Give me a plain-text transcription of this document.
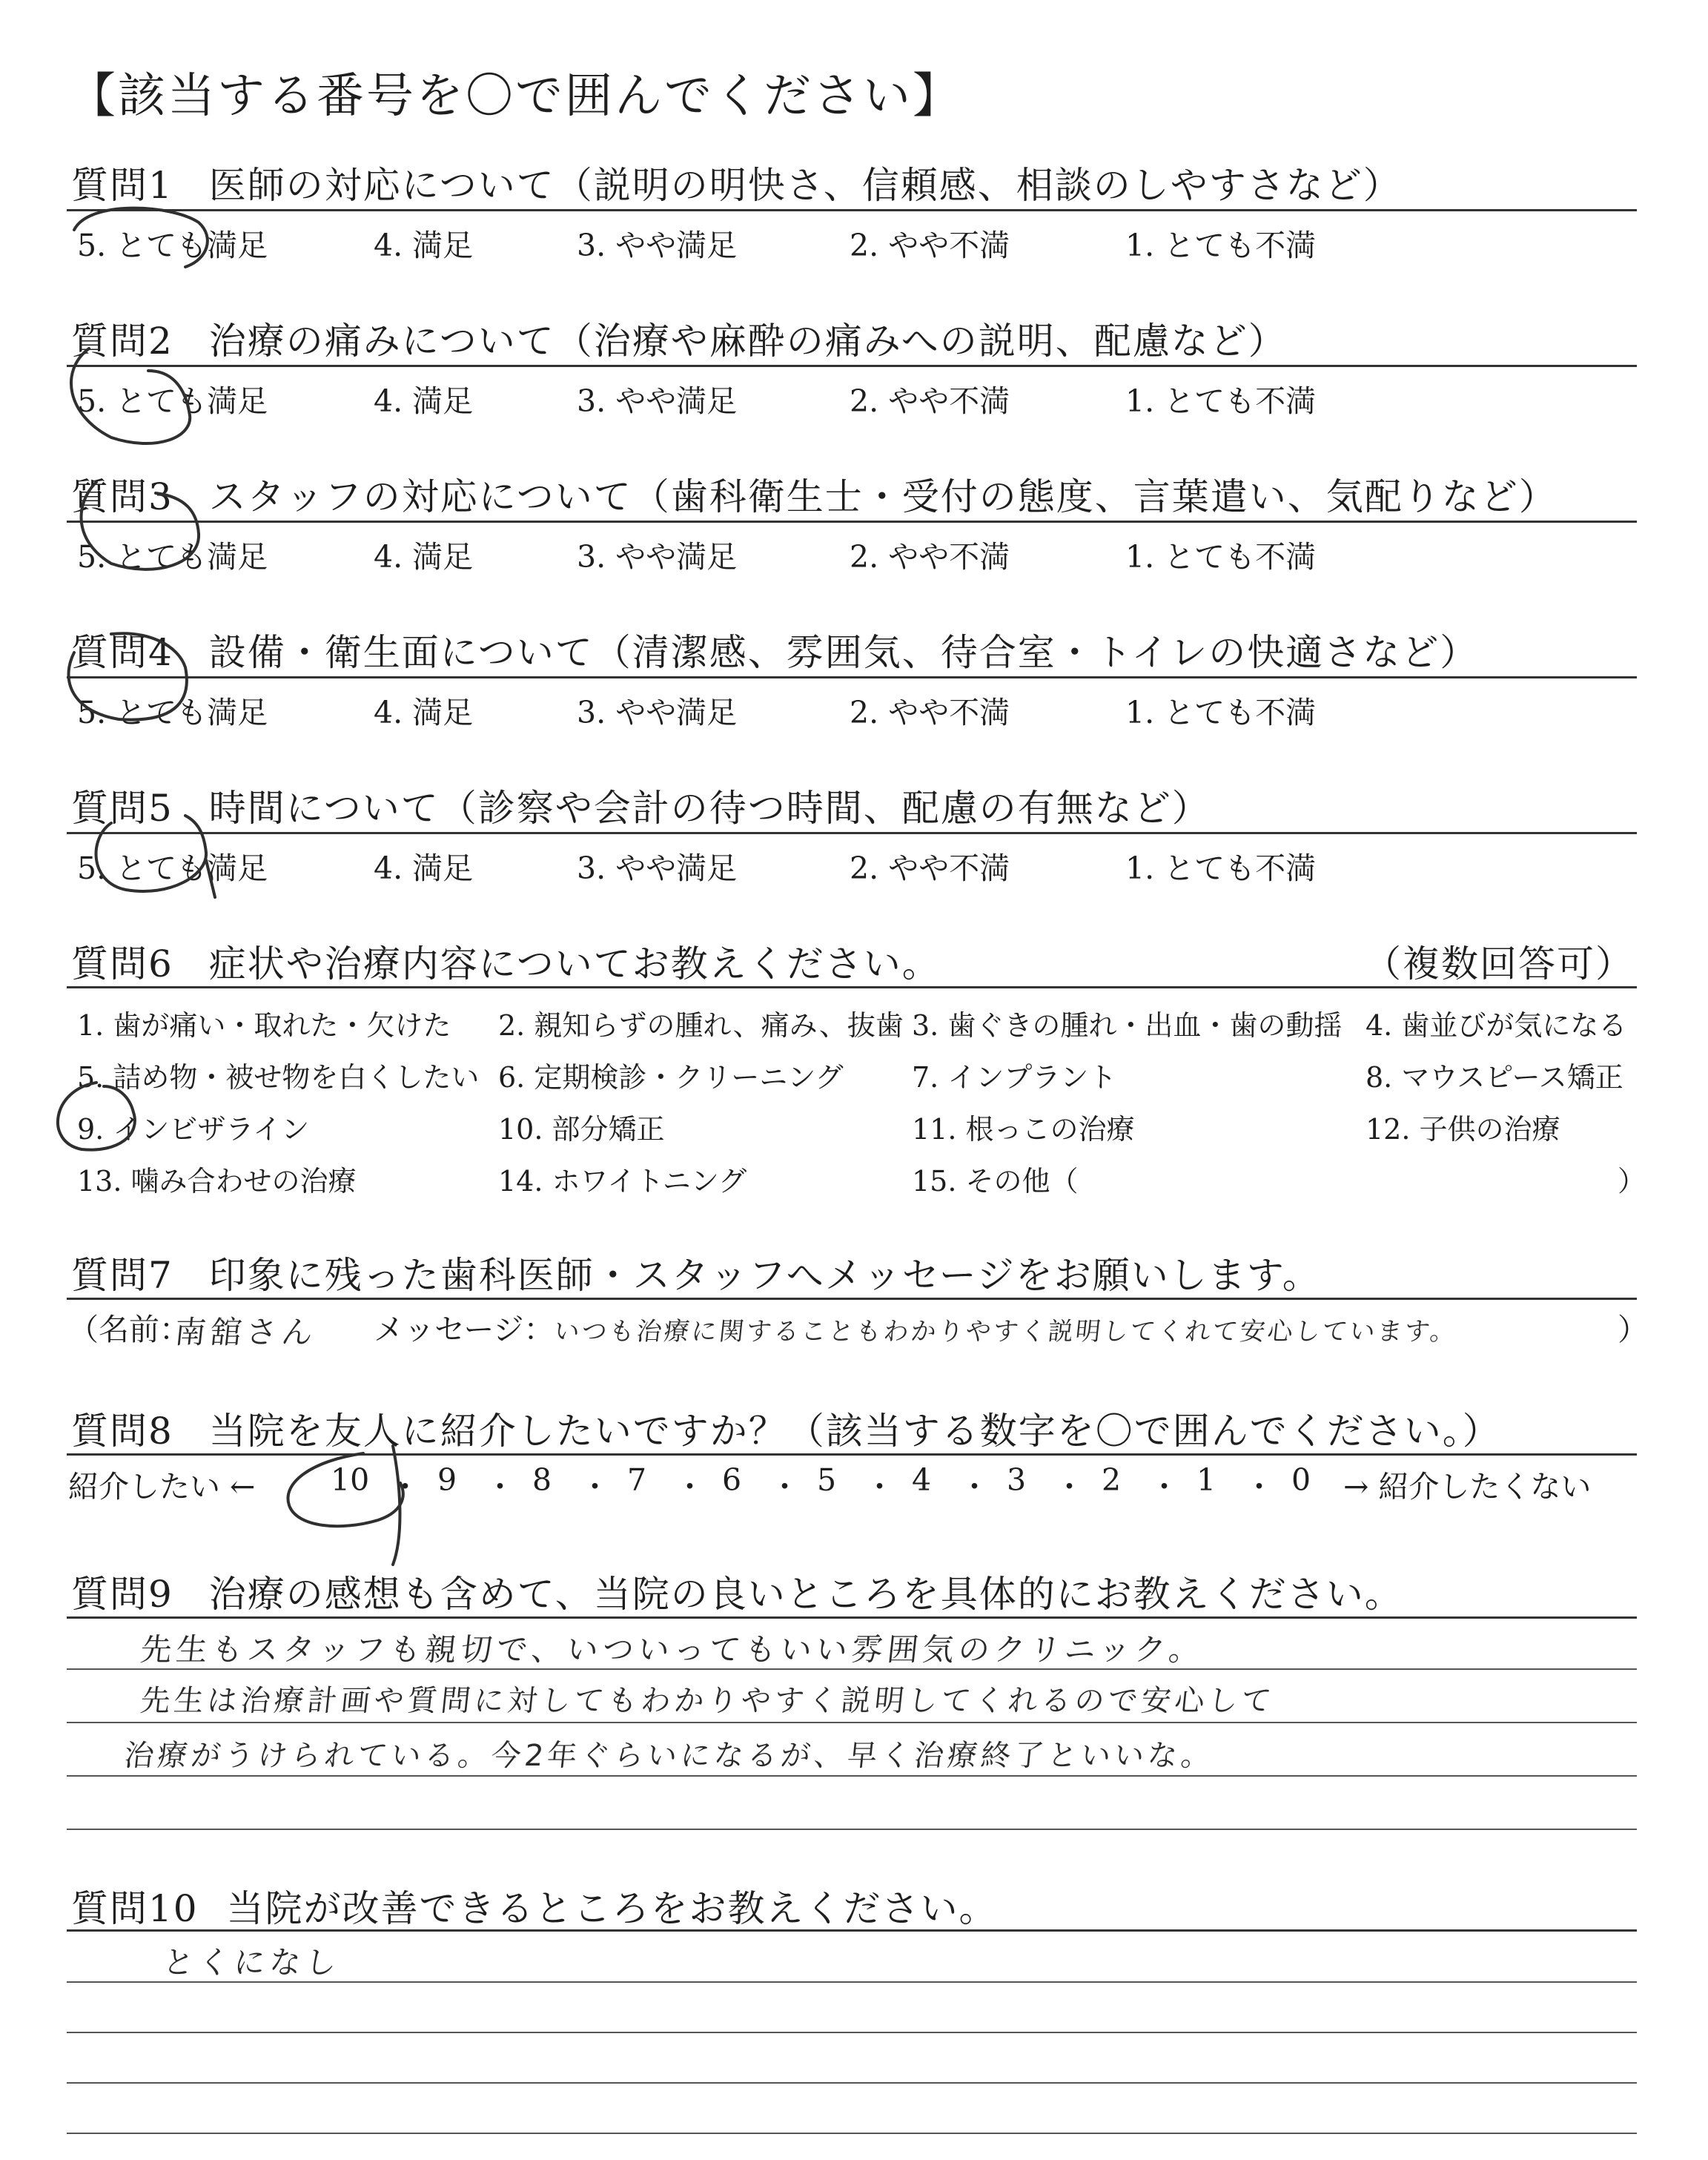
【該当する番号を〇で囲んでください】
質問1 医師の対応について（説明の明快さ、信頼感、相談のしやすさなど）
5. とても満足	4. 満足	3. やや満足	2. やや不満	1. とても不満
質問2 治療の痛みについて（治療や麻酔の痛みへの説明、配慮など）
5. とても満足	4. 満足	3. やや満足	2. やや不満	1. とても不満
質問3 スタッフの対応について（歯科衛生士・受付の態度、言葉遣い、気配りなど）
5. とても満足	4. 満足	3. やや満足	2. やや不満	1. とても不満
質問4 設備・衛生面について（清潔感、雰囲気、待合室・トイレの快適さなど）
5. とても満足	4. 満足	3. やや満足	2. やや不満	1. とても不満
質問5 時間について（診察や会計の待つ時間、配慮の有無など）
5. とても満足	4. 満足	3. やや満足	2. やや不満	1. とても不満
質問6 症状や治療内容についてお教えください。	（複数回答可）
1. 歯が痛い・取れた・欠けた 2. 親知らずの腫れ、痛み、抜歯 3. 歯ぐきの腫れ・出血・歯の動揺 4. 歯並びが気になる
5. 詰め物・被せ物を白くしたい 6. 定期検診・クリーニング 7. インプラント	8. マウスピース矯正
9. インビザライン	10. 部分矯正	11. 根っこの治療	12. 子供の治療
13. 噛み合わせの治療	14. ホワイトニング	15. その他（	）
質問7 印象に残った歯科医師・スタッフへメッセージをお願いします。
（名前：
南舘さん メッセージ：
いつも治療に関することもわかりやすく説明してくれて安心しています。	）
質問8 当院を友人に紹介したいですか？（該当する数字を〇で囲んでください。）
紹介したい ←	→ 紹介したくない
10 ・ 9 ・ 8 ・ 7 ・ 6 ・ 5 ・ 4 ・ 3 ・ 2 ・ 1 ・ 0
質問9 治療の感想も含めて、当院の良いところを具体的にお教えください。
先生もスタッフも親切で、いついってもいい雰囲気のクリニック。
先生は治療計画や質問に対してもわかりやすく説明してくれるので安心して
治療がうけられている。今2年ぐらいになるが、早く治療終了といいな。
質問10 当院が改善できるところをお教えください。
とくになし
